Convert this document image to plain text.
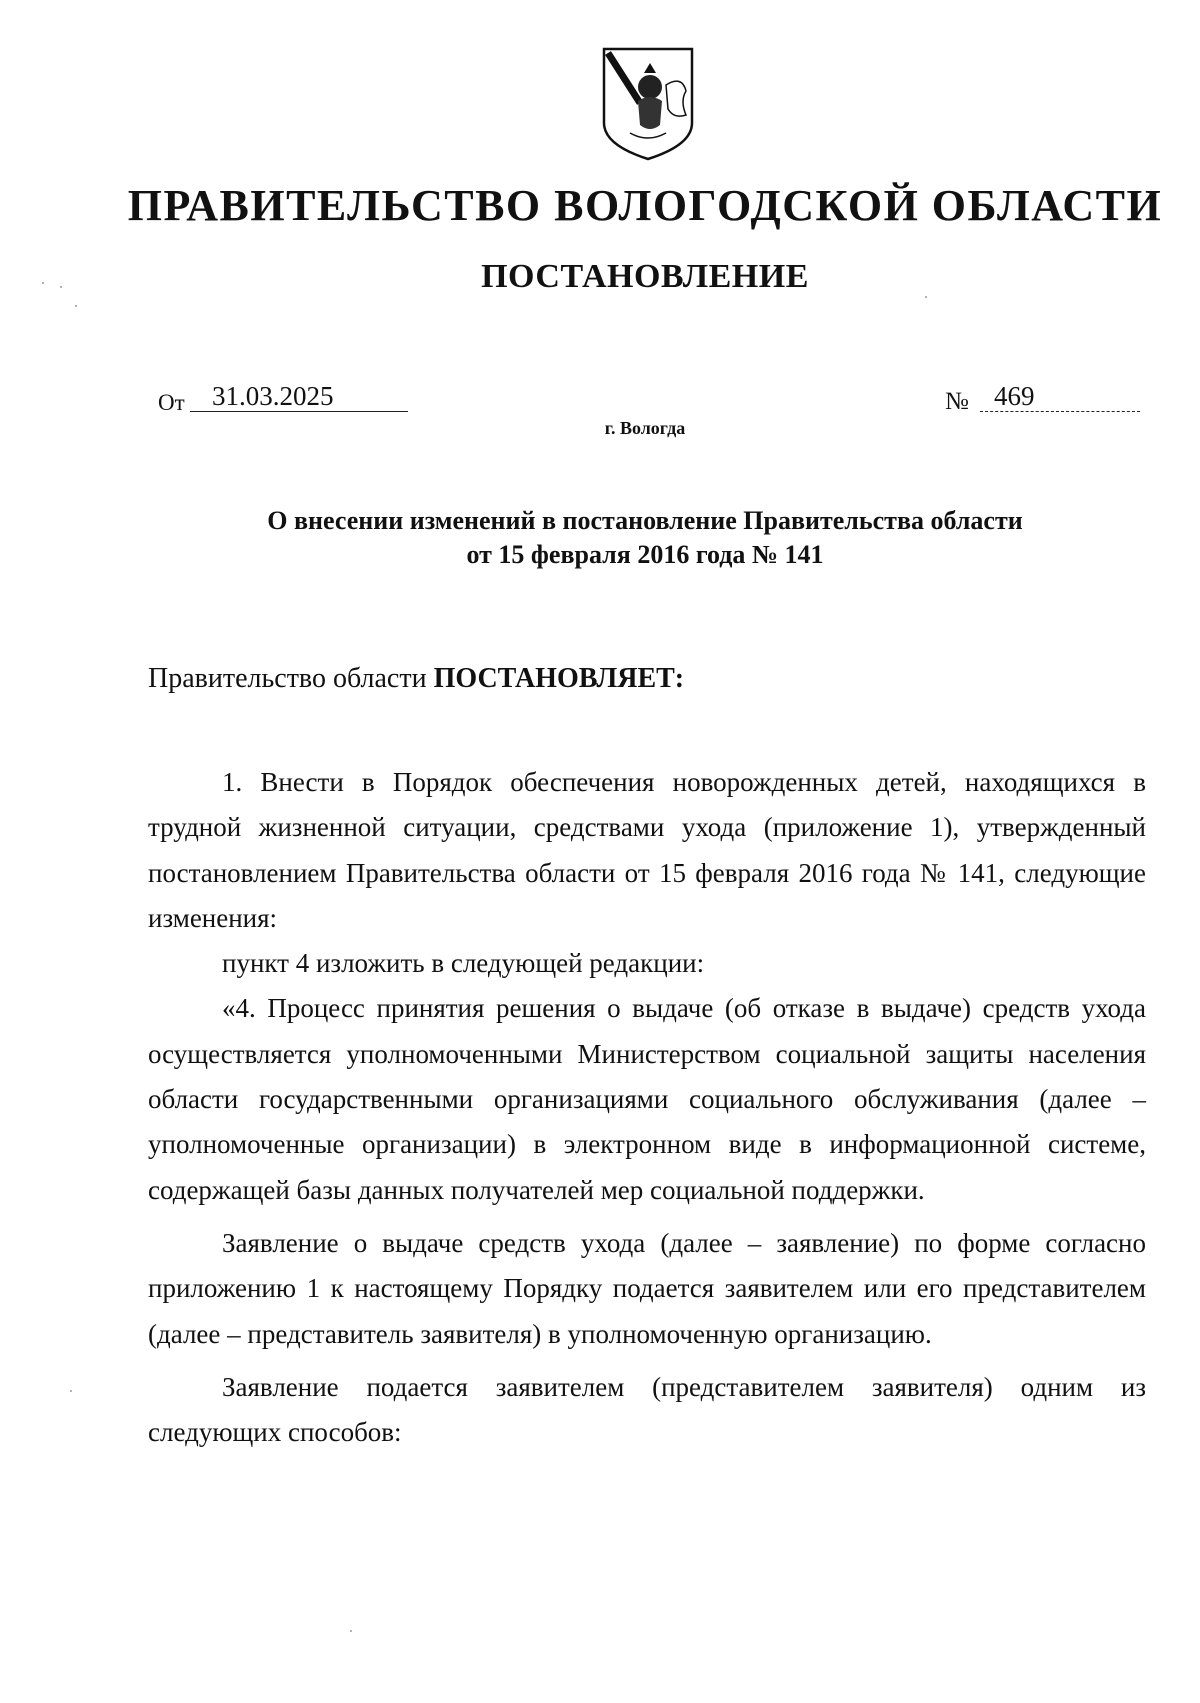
ПРАВИТЕЛЬСТВО ВОЛОГОДСКОЙ ОБЛАСТИ
ПОСТАНОВЛЕНИЕ
От	31.03.2025	№ 469
г. Вологда
О внесении изменений в постановление Правительства области
от 15 февраля 2016 года № 141
Правительство области ПОСТАНОВЛЯЕТ:

1. Внести в Порядок обеспечения новорожденных детей, находящихся в трудной жизненной ситуации, средствами ухода (приложение 1), утвержденный постановлением Правительства области от 15 февраля 2016 года № 141, следующие изменения:

пункт 4 изложить в следующей редакции:

«4. Процесс принятия решения о выдаче (об отказе в выдаче) средств ухода осуществляется уполномоченными Министерством социальной защиты населения области государственными организациями социального обслуживания (далее – уполномоченные организации) в электронном виде в информационной системе, содержащей базы данных получателей мер социальной поддержки.

Заявление о выдаче средств ухода (далее – заявление) по форме согласно приложению 1 к настоящему Порядку подается заявителем или его представителем (далее – представитель заявителя) в уполномоченную организацию.

Заявление подается заявителем (представителем заявителя) одним из следующих способов:
